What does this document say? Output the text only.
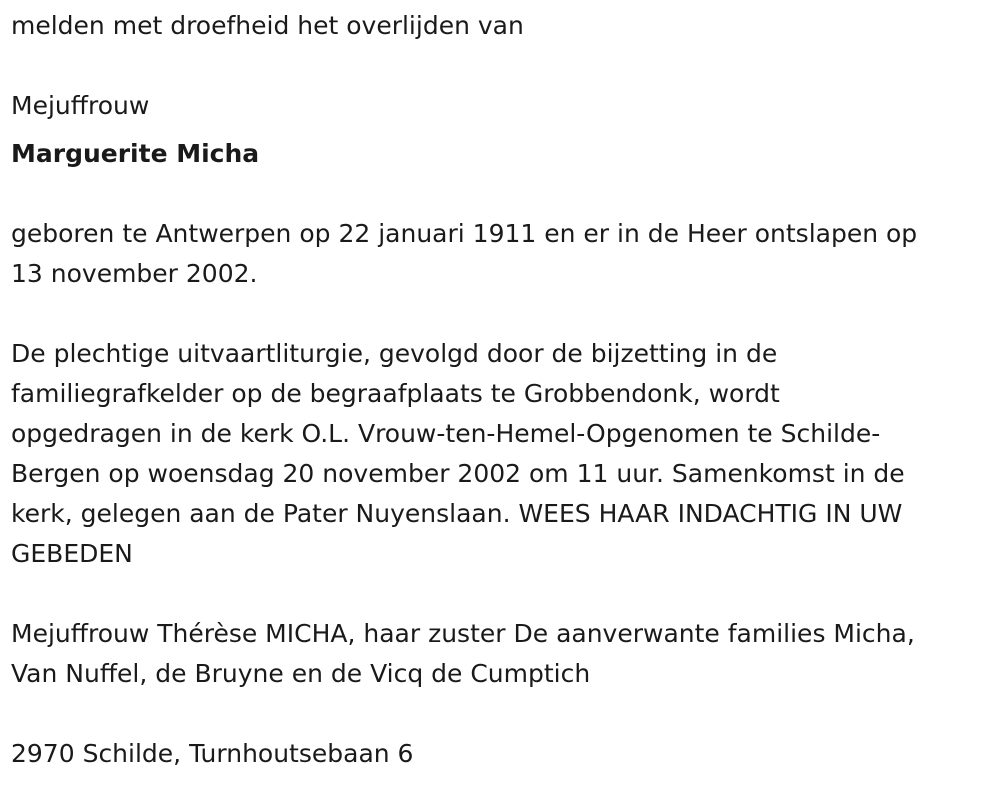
melden met droefheid het overlijden van

Mejuffrouw

Marguerite Micha

geboren te Antwerpen op 22 januari 1911 en er in de Heer ontslapen op

13 november 2002.

De plechtige uitvaartliturgie, gevolgd door de bijzetting in de

familiegrafkelder op de begraafplaats te Grobbendonk, wordt

opgedragen in de kerk O.L. Vrouw-ten-Hemel-Opgenomen te Schilde-

Bergen op woensdag 20 november 2002 om 11 uur. Samenkomst in de

kerk, gelegen aan de Pater Nuyenslaan. WEES HAAR INDACHTIG IN UW

GEBEDEN

Mejuffrouw Thérèse MICHA, haar zuster De aanverwante families Micha,

Van Nuffel, de Bruyne en de Vicq de Cumptich

2970 Schilde, Turnhoutsebaan 6
